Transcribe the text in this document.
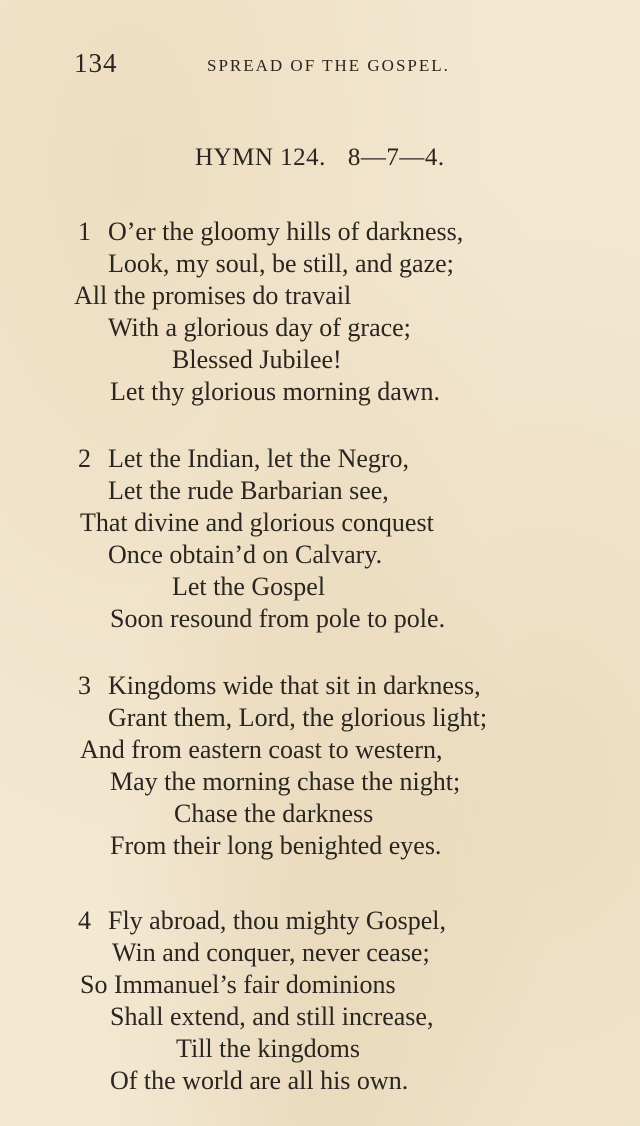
134	SPREAD OF THE GOSPEL.
HYMN 124. 8—7—4.
1 O’er the gloomy hills of darkness,
Look, my soul, be still, and gaze;
All the promises do travail
With a glorious day of grace;
Blessed Jubilee!
Let thy glorious morning dawn.
2 Let the Indian, let the Negro,
Let the rude Barbarian see,
That divine and glorious conquest
Once obtain’d on Calvary.
Let the Gospel
Soon resound from pole to pole.
3 Kingdoms wide that sit in darkness,
Grant them, Lord, the glorious light;
And from eastern coast to western,
May the morning chase the night;
Chase the darkness
From their long benighted eyes.
4 Fly abroad, thou mighty Gospel,
Win and conquer, never cease;
So Immanuel’s fair dominions
Shall extend, and still increase,
Till the kingdoms
Of the world are all his own.
